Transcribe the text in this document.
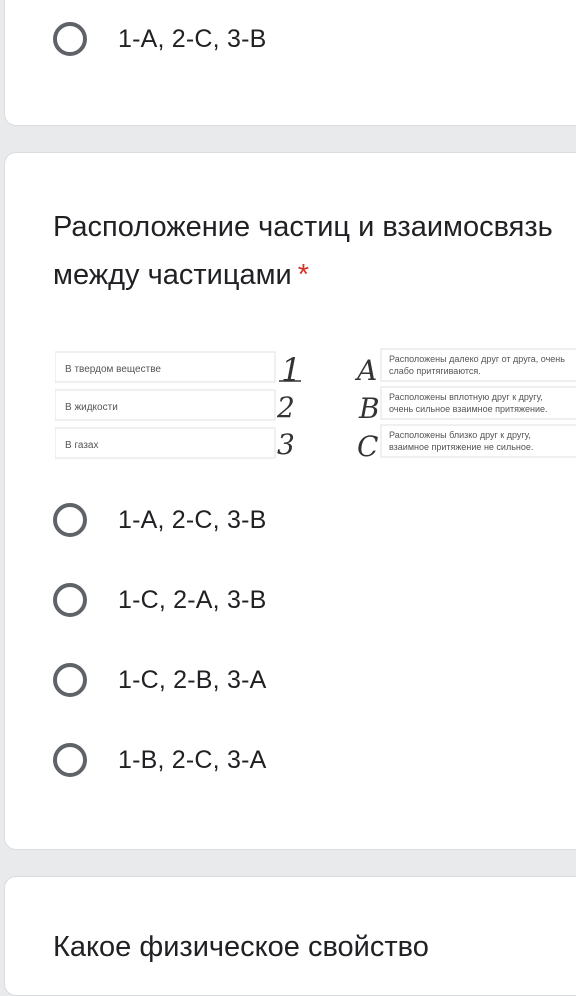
1-A, 2-C, 3-B
Расположение частиц и взаимосвязь между частицами *
В твердом веществе
В жидкости
В газах
1
2
3
A
B
C
Расположены далеко друг от друга, очень
слабо притягиваются.
Расположены вплотную друг к другу,
очень сильное взаимное притяжение.
Расположены близко друг к другу,
взаимное притяжение не сильное.
1-A, 2-C, 3-B
1-C, 2-A, 3-B
1-C, 2-B, 3-A
1-B, 2-C, 3-A
Какое физическое свойство
